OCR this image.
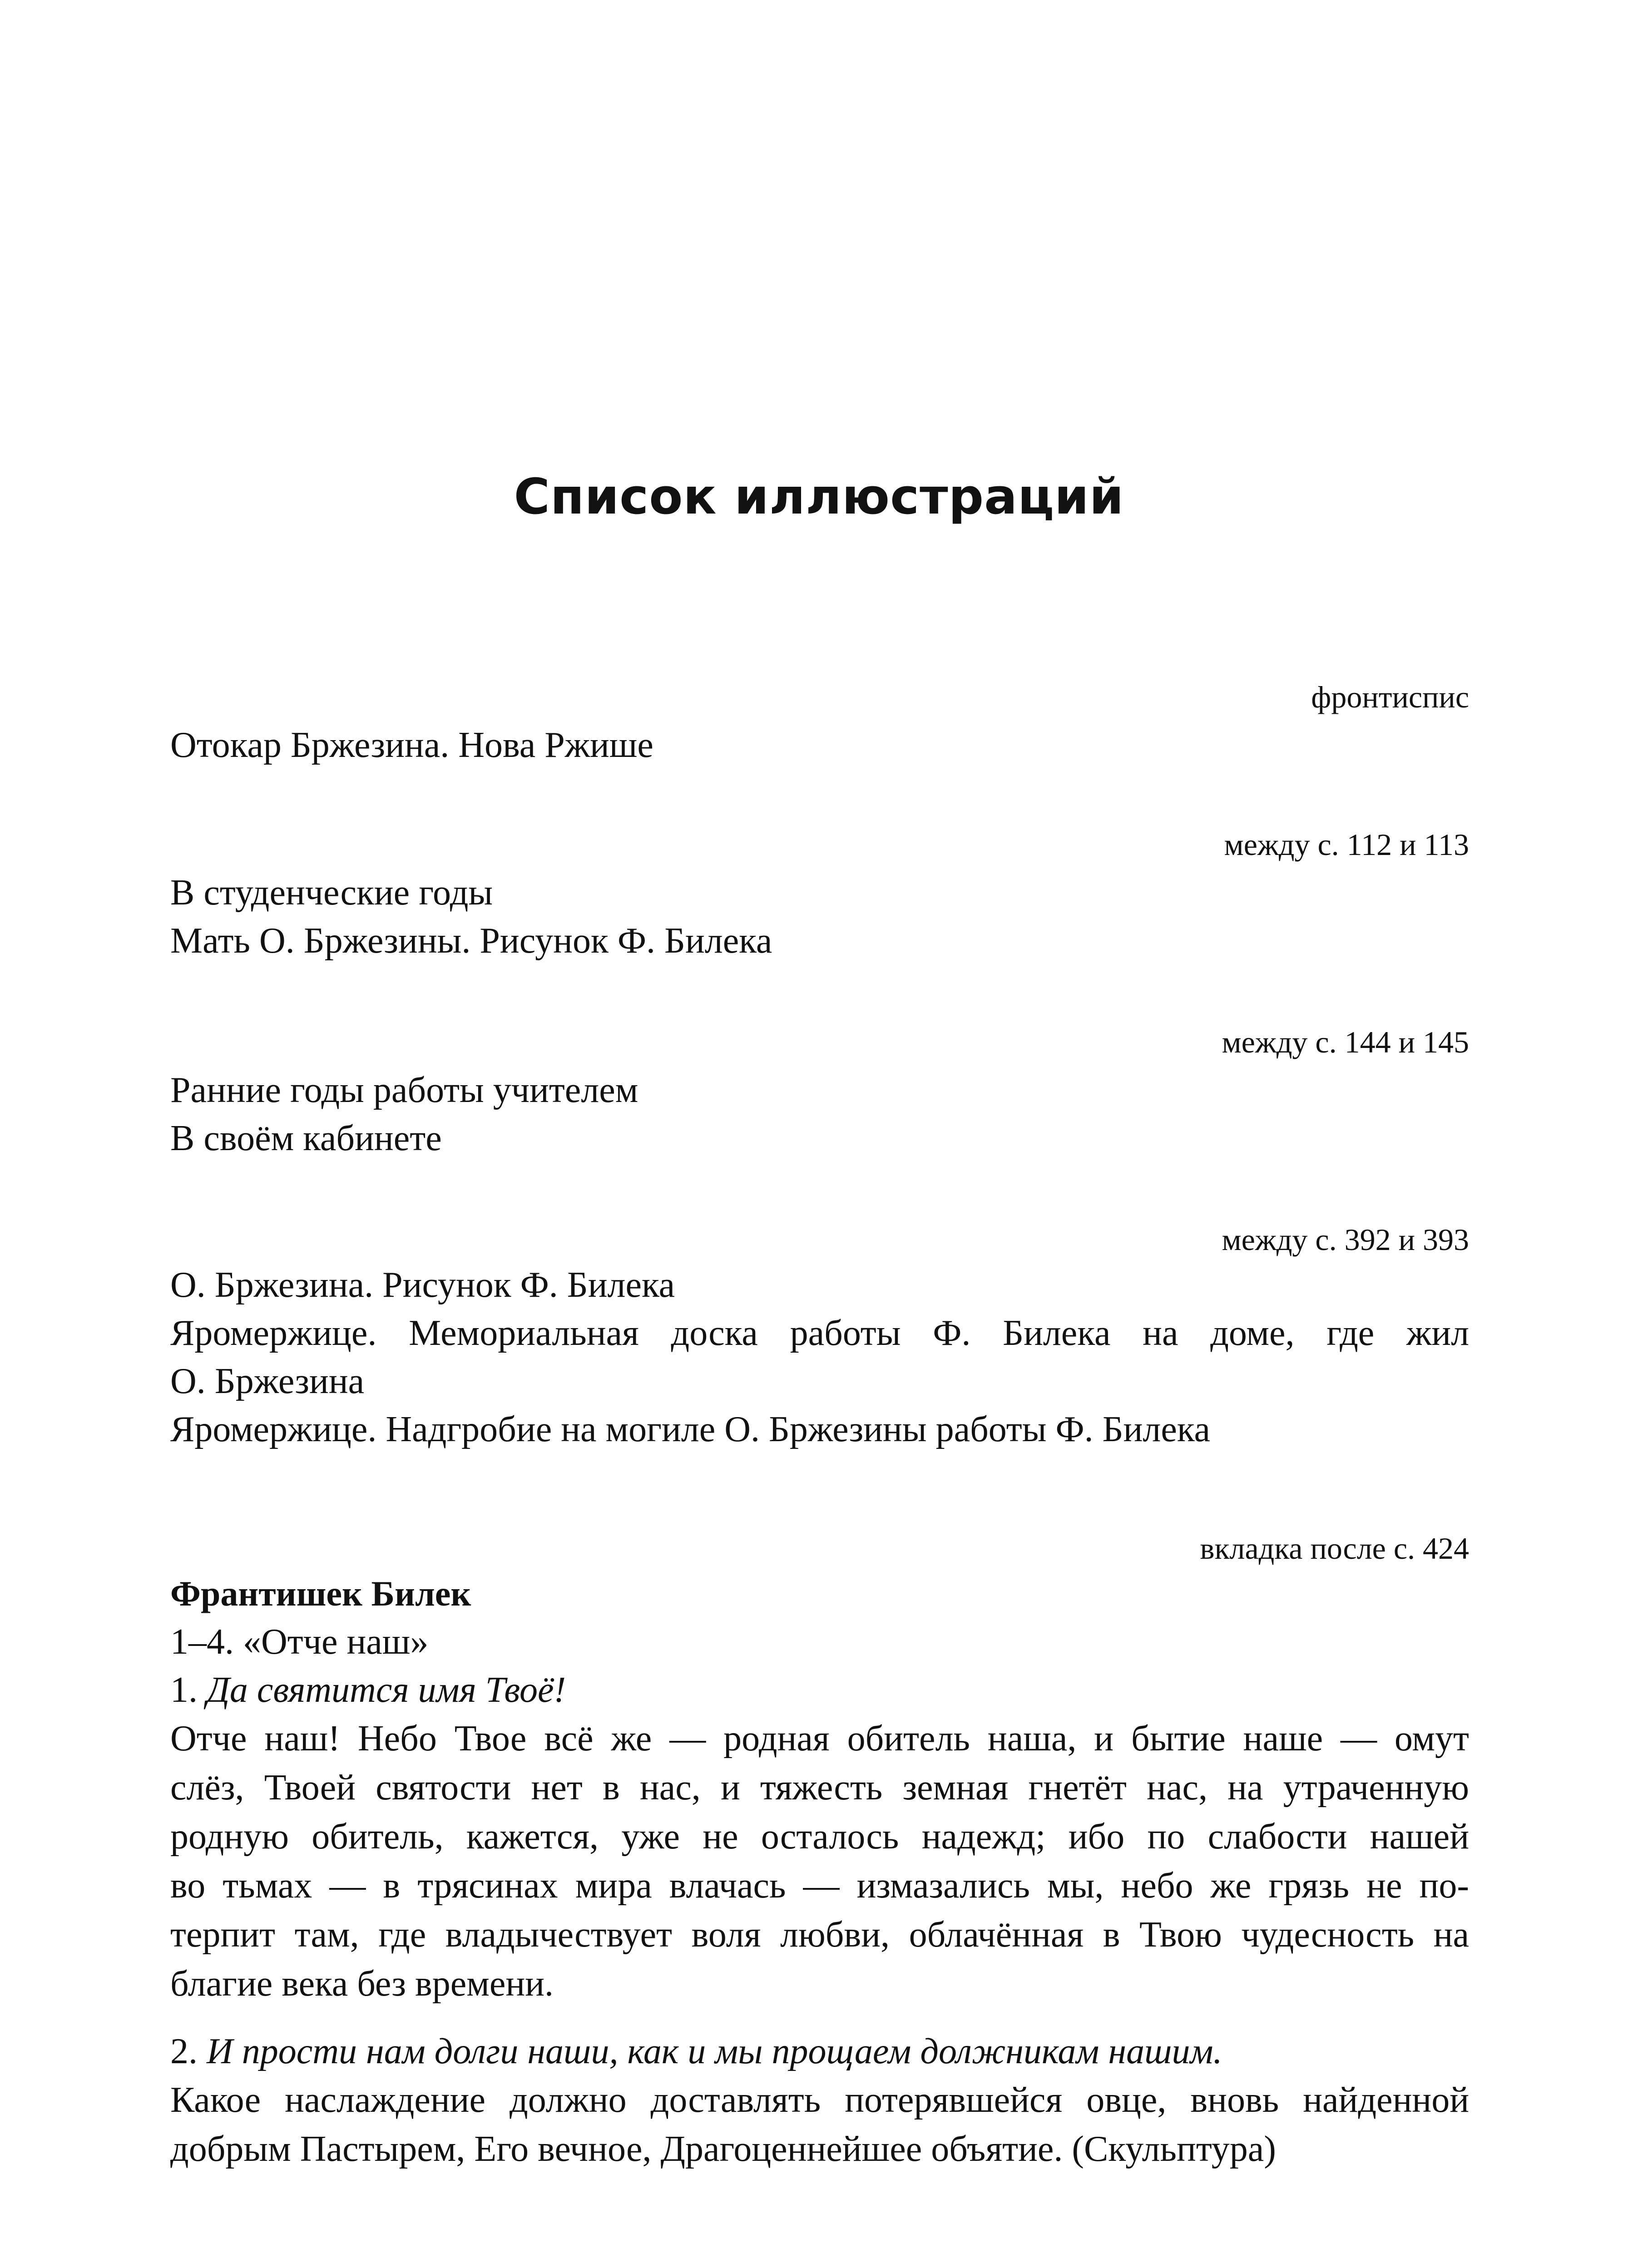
Список иллюстраций
фронтиспис
Отокар Бржезина. Нова Ржише
между с. 112 и 113
В студенческие годы
Мать О. Бржезины. Рисунок Ф. Билека
между с. 144 и 145
Ранние годы работы учителем
В своём кабинете
между с. 392 и 393
О. Бржезина. Рисунок Ф. Билека
Яромержице. Мемориальная доска работы Ф. Билека на доме, где жил
О. Бржезина
Яромержице. Надгробие на могиле О. Бржезины работы Ф. Билека
вкладка после с. 424
Франтишек Билек
1–4. «Отче наш»
1. Да святится имя Твоё!
Отче наш! Небо Твое всё же — родная обитель наша, и бытие наше — омут
слёз, Твоей святости нет в нас, и тяжесть земная гнетёт нас, на утраченную
родную обитель, кажется, уже не осталось надежд; ибо по слабости нашей
во тьмах — в трясинах мира влачась — измазались мы, небо же грязь не по-
терпит там, где владычествует воля любви, облачённая в Твою чудесность на
благие века без времени.
2. И прости нам долги наши, как и мы прощаем должникам нашим.
Какое наслаждение должно доставлять потерявшейся овце, вновь найденной
добрым Пастырем, Его вечное, Драгоценнейшее объятие. (Скульптура)
